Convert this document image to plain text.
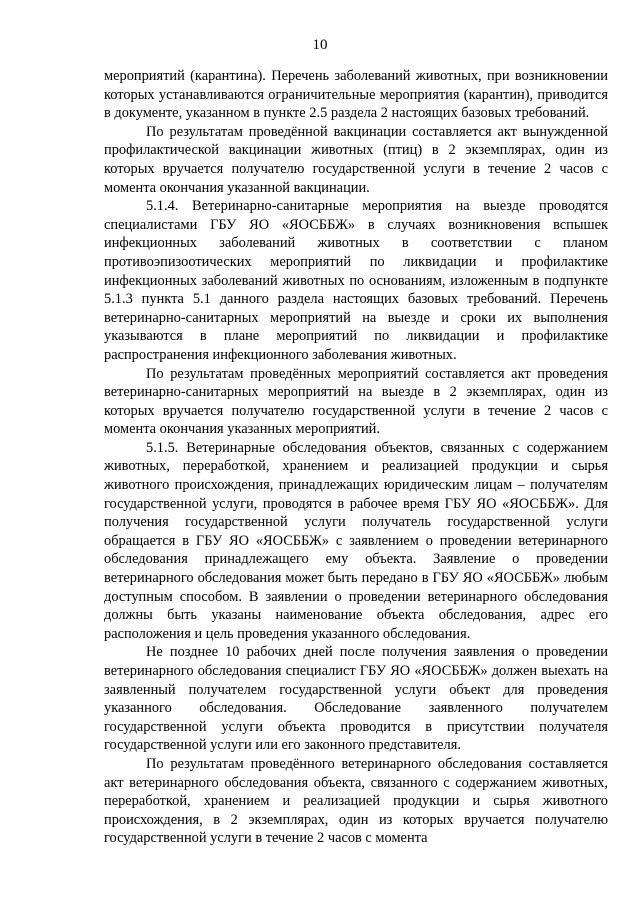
10

мероприятий (карантина). Перечень заболеваний животных, при возникновении которых устанавливаются ограничительные мероприятия (карантин), приводится в документе, указанном в пункте 2.5 раздела 2 настоящих базовых требований.

По результатам проведённой вакцинации составляется акт вынужденной профилактической вакцинации животных (птиц) в 2 экземплярах, один из которых вручается получателю государственной услуги в течение 2 часов с момента окончания указанной вакцинации.

5.1.4. Ветеринарно-санитарные мероприятия на выезде проводятся специалистами ГБУ ЯО «ЯОСББЖ» в случаях возникновения вспышек инфекционных заболеваний животных в соответствии с планом противоэпизоотических мероприятий по ликвидации и профилактике инфекционных заболеваний животных по основаниям, изложенным в подпункте 5.1.3 пункта 5.1 данного раздела настоящих базовых требований. Перечень ветеринарно-санитарных мероприятий на выезде и сроки их выполнения указываются в плане мероприятий по ликвидации и профилактике распространения инфекционного заболевания животных.

По результатам проведённых мероприятий составляется акт проведения ветеринарно-санитарных мероприятий на выезде в 2 экземплярах, один из которых вручается получателю государственной услуги в течение 2 часов с момента окончания указанных мероприятий.

5.1.5. Ветеринарные обследования объектов, связанных с содержанием животных, переработкой, хранением и реализацией продукции и сырья животного происхождения, принадлежащих юридическим лицам – получателям государственной услуги, проводятся в рабочее время ГБУ ЯО «ЯОСББЖ». Для получения государственной услуги получатель государственной услуги обращается в ГБУ ЯО «ЯОСББЖ» с заявлением о проведении ветеринарного обследования принадлежащего ему объекта. Заявление о проведении ветеринарного обследования может быть передано в ГБУ ЯО «ЯОСББЖ» любым доступным способом. В заявлении о проведении ветеринарного обследования должны быть указаны наименование объекта обследования, адрес его расположения и цель проведения указанного обследования.

Не позднее 10 рабочих дней после получения заявления о проведении ветеринарного обследования специалист ГБУ ЯО «ЯОСББЖ» должен выехать на заявленный получателем государственной услуги объект для проведения указанного обследования. Обследование заявленного получателем государственной услуги объекта проводится в присутствии получателя государственной услуги или его законного представителя.

По результатам проведённого ветеринарного обследования составляется акт ветеринарного обследования объекта, связанного с содержанием животных, переработкой, хранением и реализацией продукции и сырья животного происхождения, в 2 экземплярах, один из которых вручается получателю государственной услуги в течение 2 часов с момента
